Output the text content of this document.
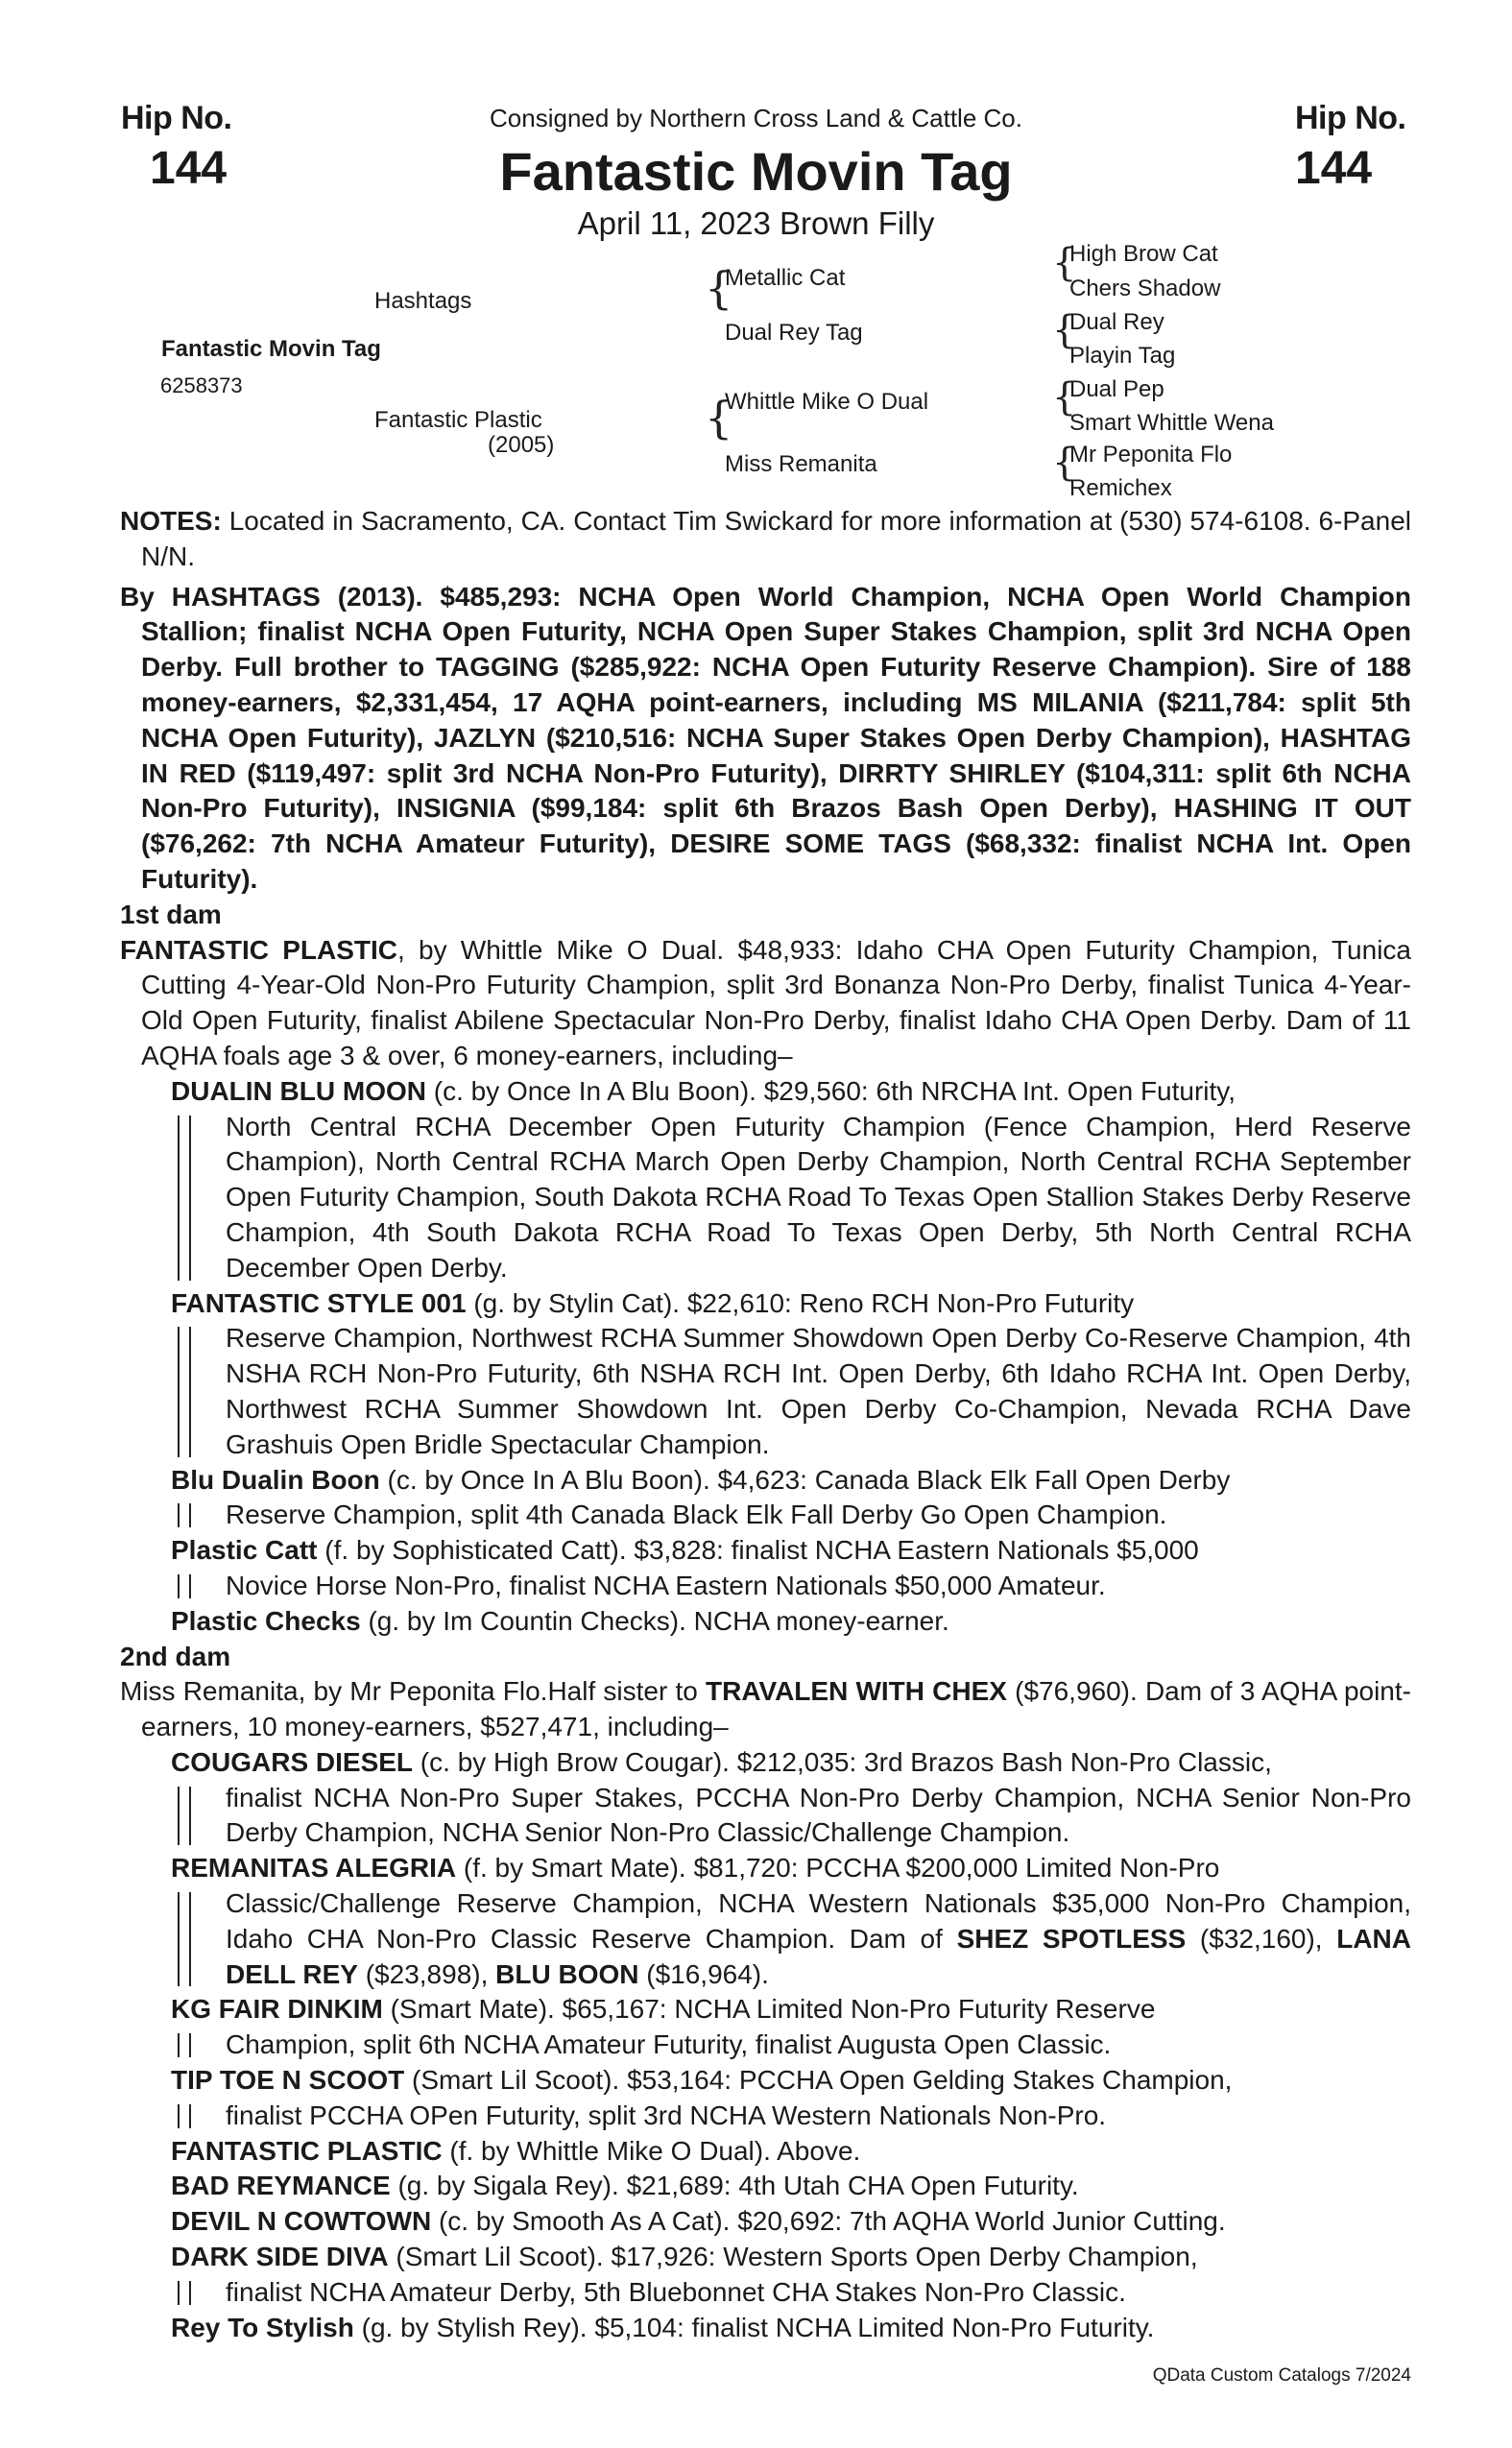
Hip No.
144
Hip No.
144
Consigned by Northern Cross Land & Cattle Co.
Fantastic Movin Tag
April 11, 2023 Brown Filly
Fantastic Movin Tag
6258373
Hashtags
Fantastic Plastic
(2005)
{
Metallic Cat
Dual Rey Tag
{
Whittle Mike O Dual
Miss Remanita
{
High Brow Cat
Chers Shadow
{
Dual Rey
Playin Tag
{
Dual Pep
Smart Whittle Wena
{
Mr Peponita Flo
Remichex

NOTES: Located in Sacramento, CA. Contact Tim Swickard for more information at (530) 574-6108. 6-Panel N/N.

By HASHTAGS (2013). $485,293: NCHA Open World Champion, NCHA Open World Champion Stallion; finalist NCHA Open Futurity, NCHA Open Super Stakes Champion, split 3rd NCHA Open Derby. Full brother to TAGGING ($285,922: NCHA Open Futurity Reserve Champion). Sire of 188 money-earners, $2,331,454, 17 AQHA point-earners, including MS MILANIA ($211,784: split 5th NCHA Open Futurity), JAZLYN ($210,516: NCHA Super Stakes Open Derby Champion), HASHTAG IN RED ($119,497: split 3rd NCHA Non-Pro Futurity), DIRRTY SHIRLEY ($104,311: split 6th NCHA Non-Pro Futurity), INSIGNIA ($99,184: split 6th Brazos Bash Open Derby), HASHING IT OUT ($76,262: 7th NCHA Amateur Futurity), DESIRE SOME TAGS ($68,332: finalist NCHA Int. Open Futurity).

1st dam

FANTASTIC PLASTIC, by Whittle Mike O Dual. $48,933: Idaho CHA Open Futurity Champion, Tunica Cutting 4-Year-Old Non-Pro Futurity Champion, split 3rd Bonanza Non-Pro Derby, finalist Tunica 4-Year-Old Open Futurity, finalist Abilene Spectacular Non-Pro Derby, finalist Idaho CHA Open Derby. Dam of 11 AQHA foals age 3 & over, 6 money-earners, including–

DUALIN BLU MOON (c. by Once In A Blu Boon). $29,560: 6th NRCHA Int. Open Futurity,

North Central RCHA December Open Futurity Champion (Fence Champion, Herd Reserve Champion), North Central RCHA March Open Derby Champion, North Central RCHA September Open Futurity Champion, South Dakota RCHA Road To Texas Open Stallion Stakes Derby Reserve Champion, 4th South Dakota RCHA Road To Texas Open Derby, 5th North Central RCHA December Open Derby.

FANTASTIC STYLE 001 (g. by Stylin Cat). $22,610: Reno RCH Non-Pro Futurity

Reserve Champion, Northwest RCHA Summer Showdown Open Derby Co-Reserve Champion, 4th NSHA RCH Non-Pro Futurity, 6th NSHA RCH Int. Open Derby, 6th Idaho RCHA Int. Open Derby, Northwest RCHA Summer Showdown Int. Open Derby Co-Champion, Nevada RCHA Dave Grashuis Open Bridle Spectacular Champion.

Blu Dualin Boon (c. by Once In A Blu Boon). $4,623: Canada Black Elk Fall Open Derby

Reserve Champion, split 4th Canada Black Elk Fall Derby Go Open Champion.

Plastic Catt (f. by Sophisticated Catt). $3,828: finalist NCHA Eastern Nationals $5,000

Novice Horse Non-Pro, finalist NCHA Eastern Nationals $50,000 Amateur.

Plastic Checks (g. by Im Countin Checks). NCHA money-earner.

2nd dam

Miss Remanita, by Mr Peponita Flo.Half sister to TRAVALEN WITH CHEX ($76,960). Dam of 3 AQHA point-earners, 10 money-earners, $527,471, including–

COUGARS DIESEL (c. by High Brow Cougar). $212,035: 3rd Brazos Bash Non-Pro Classic,

finalist NCHA Non-Pro Super Stakes, PCCHA Non-Pro Derby Champion, NCHA Senior Non-Pro Derby Champion, NCHA Senior Non-Pro Classic/Challenge Champion.

REMANITAS ALEGRIA (f. by Smart Mate). $81,720: PCCHA $200,000 Limited Non-Pro

Classic/Challenge Reserve Champion, NCHA Western Nationals $35,000 Non-Pro Champion, Idaho CHA Non-Pro Classic Reserve Champion. Dam of SHEZ SPOTLESS ($32,160), LANA DELL REY ($23,898), BLU BOON ($16,964).

KG FAIR DINKIM (Smart Mate). $65,167: NCHA Limited Non-Pro Futurity Reserve

Champion, split 6th NCHA Amateur Futurity, finalist Augusta Open Classic.

TIP TOE N SCOOT (Smart Lil Scoot). $53,164: PCCHA Open Gelding Stakes Champion,

finalist PCCHA OPen Futurity, split 3rd NCHA Western Nationals Non-Pro.

FANTASTIC PLASTIC (f. by Whittle Mike O Dual). Above.

BAD REYMANCE (g. by Sigala Rey). $21,689: 4th Utah CHA Open Futurity.

DEVIL N COWTOWN (c. by Smooth As A Cat). $20,692: 7th AQHA World Junior Cutting.

DARK SIDE DIVA (Smart Lil Scoot). $17,926: Western Sports Open Derby Champion,

finalist NCHA Amateur Derby, 5th Bluebonnet CHA Stakes Non-Pro Classic.

Rey To Stylish (g. by Stylish Rey). $5,104: finalist NCHA Limited Non-Pro Futurity.

QData Custom Catalogs 7/2024
